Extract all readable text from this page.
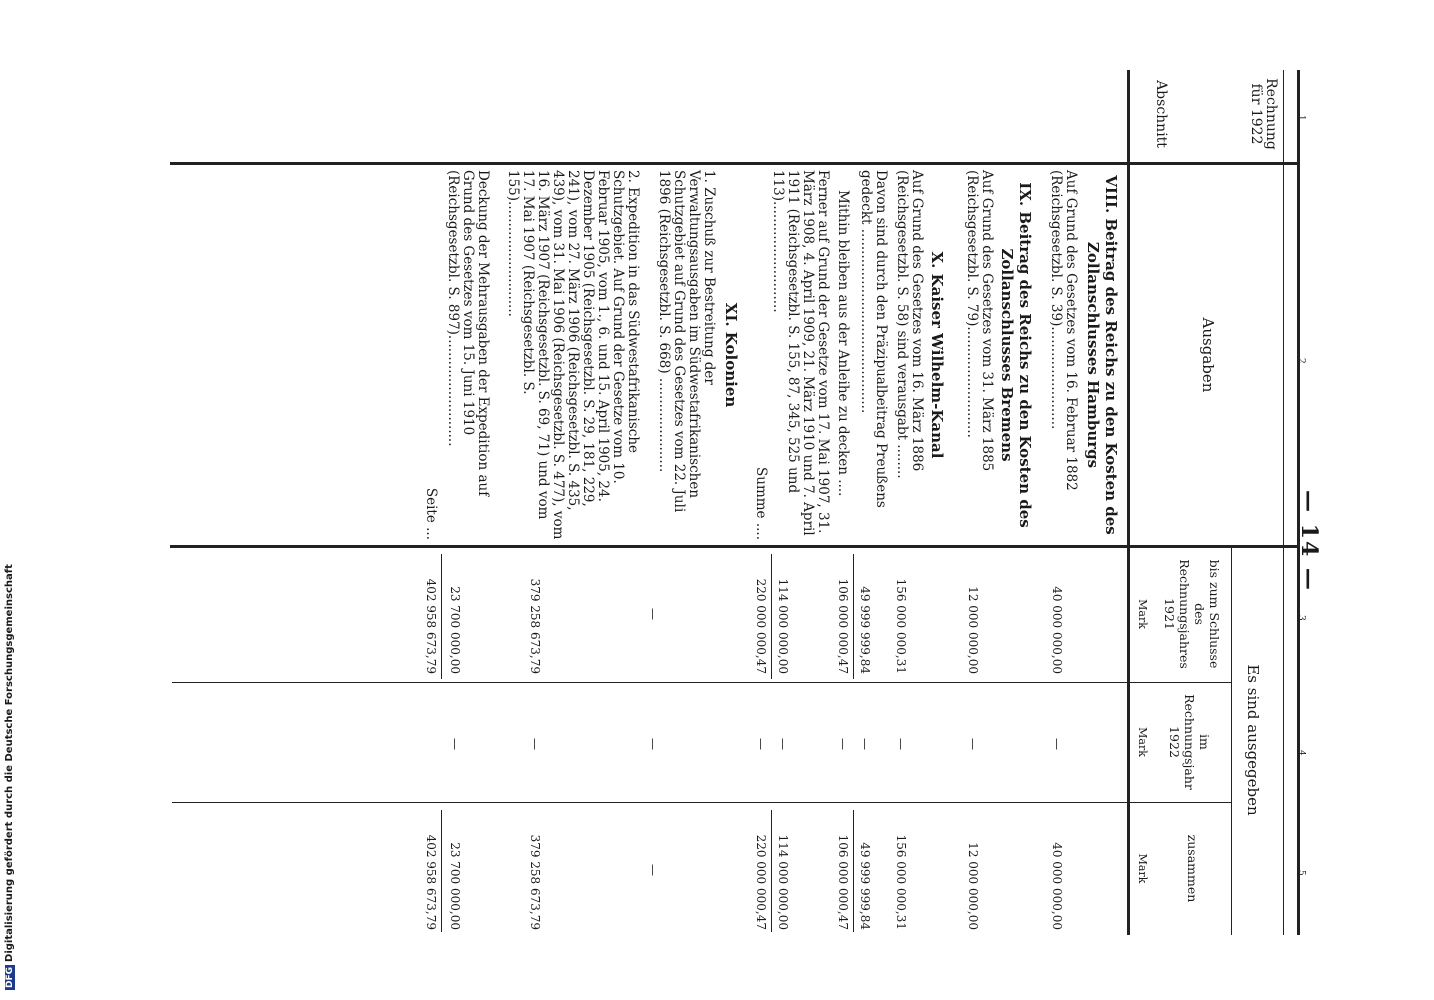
— 14 —
1
2
3
4
5
Rechnung für 1922
Abschnitt
Ausgaben
Es sind ausgegeben
bis zum Schlusse des Rechnungsjahres 1921
im Rechnungsjahr 1922
zusammen
Mark
Mark
Mark
VIII. Beitrag des Reichs zu den Kosten des Zollanschlusses Hamburgs
Auf Grund des Gesetzes vom 16. Februar 1882 (Reichsgesetzbl. S. 39)........................
40 000 000,00
—
40 000 000,00
IX. Beitrag des Reichs zu den Kosten des Zollanschlusses Bremens
Auf Grund des Gesetzes vom 31. März 1885 (Reichsgesetzbl. S. 79)..........................
12 000 000,00
—
12 000 000,00
X. Kaiser Wilhelm-Kanal
Auf Grund des Gesetzes vom 16. März 1886 (Reichsgesetzbl. S. 58) sind verausgabt ........
156 000 000,31
—
156 000 000,31
Davon sind durch den Präzipualbeitrag Preußens gedeckt ...........................................
49 999 999,84
—
49 999 999,84
Mithin bleiben aus der Anleihe zu decken ....
106 000 000,47
—
106 000 000,47
Ferner auf Grund der Gesetze vom 17. Mai 1907, 31. März 1908, 4. April 1909, 21. März 1910 und 7. April 1911 (Reichsgesetzbl. S. 155, 87, 345, 525 und 113)..........................
114 000 000,00
—
114 000 000,00
Summe ....
220 000 000,47
—
220 000 000,47
XI. Kolonien
1. Zuschuß zur Bestreitung der Verwaltungsausgaben im Südwestafrikanischen Schutzgebiet auf Grund des Gesetzes vom 22. Juli 1896 (Reichsgesetzbl. S. 668) ......................
—
—
—
2. Expedition in das Südwestafrikanische Schutzgebiet. Auf Grund der Gesetze vom 10. Februar 1905, vom 1., 6. und 15. April 1905, 24. Dezember 1905 (Reichsgesetzbl. S. 29, 181, 229, 241), vom 27. März 1906 (Reichsgesetzbl. S. 435, 439), vom 31. Mai 1906 (Reichsgesetzbl. S. 477), vom 16. März 1907 (Reichsgesetzbl. S. 69, 71) und vom 17. Mai 1907 (Reichsgesetzbl. S. 155)...........................
379 258 673,79
—
379 258 673,79
Deckung der Mehrausgaben der Expedition auf Grund des Gesetzes vom 15. Juni 1910 (Reichsgesetzbl. S. 897)..........................
23 700 000,00
—
23 700 000,00
Seite ...
402 958 673,79
402 958 673,79
DFGDigitalisierung gefördert durch die Deutsche Forschungsgemeinschaft
